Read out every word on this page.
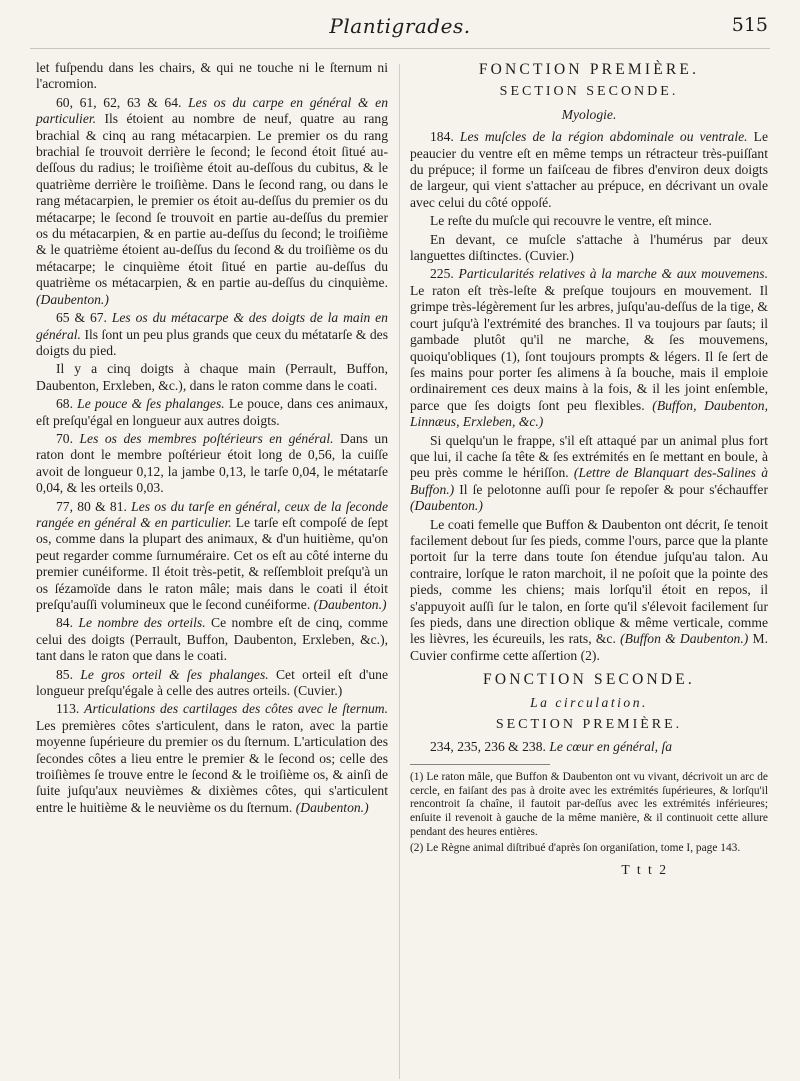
Plantigrades.	515

let fuſpendu dans les chairs, & qui ne touche ni le ſternum ni l'acromion.

60, 61, 62, 63 & 64. Les os du carpe en général & en particulier. Ils étoient au nombre de neuf, quatre au rang brachial & cinq au rang métacarpien. Le premier os du rang brachial ſe trouvoit derrière le ſecond; le ſecond étoit ſitué au-deſſous du radius; le troiſième étoit au-deſſous du cubitus, & le quatrième derrière le troiſième. Dans le ſecond rang, ou dans le rang métacarpien, le premier os étoit au-deſſus du premier os du métacarpe; le ſecond ſe trouvoit en partie au-deſſus du premier os du métacarpien, & en partie au-deſſus du ſecond; le troiſième & le quatrième étoient au-deſſus du ſecond & du troiſième os du métacarpe; le cinquième étoit ſitué en partie au-deſſus du quatrième os métacarpien, & en partie au-deſſus du cinquième. (Daubenton.)

65 & 67. Les os du métacarpe & des doigts de la main en général. Ils ſont un peu plus grands que ceux du métatarſe & des doigts du pied.

Il y a cinq doigts à chaque main (Perrault, Buffon, Daubenton, Erxleben, &c.), dans le raton comme dans le coati.

68. Le pouce & ſes phalanges. Le pouce, dans ces animaux, eſt preſqu'égal en longueur aux autres doigts.

70. Les os des membres poſtérieurs en général. Dans un raton dont le membre poſtérieur étoit long de 0,56, la cuiſſe avoit de longueur 0,12, la jambe 0,13, le tarſe 0,04, le métatarſe 0,04, & les orteils 0,03.

77, 80 & 81. Les os du tarſe en général, ceux de la ſeconde rangée en général & en particulier. Le tarſe eſt compoſé de ſept os, comme dans la plupart des animaux, & d'un huitième, qu'on peut regarder comme ſurnuméraire. Cet os eſt au côté interne du premier cunéiforme. Il étoit très-petit, & reſſembloit preſqu'à un os ſézamoïde dans le raton mâle; mais dans le coati il étoit preſqu'auſſi volumineux que le ſecond cunéiforme. (Daubenton.)

84. Le nombre des orteils. Ce nombre eſt de cinq, comme celui des doigts (Perrault, Buffon, Daubenton, Erxleben, &c.), tant dans le raton que dans le coati.

85. Le gros orteil & ſes phalanges. Cet orteil eſt d'une longueur preſqu'égale à celle des autres orteils. (Cuvier.)

113. Articulations des cartilages des côtes avec le ſternum. Les premières côtes s'articulent, dans le raton, avec la partie moyenne ſupérieure du premier os du ſternum. L'articulation des ſecondes côtes a lieu entre le premier & le ſecond os; celle des troiſièmes ſe trouve entre le ſecond & le troiſième os, & ainſi de ſuite juſqu'aux neuvièmes & dixièmes côtes, qui s'articulent entre le huitième & le neuvième os du ſternum. (Daubenton.)

FONCTION PREMIÈRE.
SECTION SECONDE.
Myologie.

184. Les muſcles de la région abdominale ou ventrale. Le peaucier du ventre eſt en même temps un rétracteur très-puiſſant du prépuce; il forme un faiſceau de fibres d'environ deux doigts de largeur, qui vient s'attacher au prépuce, en décrivant un ovale avec celui du côté oppoſé.

Le reſte du muſcle qui recouvre le ventre, eſt mince.

En devant, ce muſcle s'attache à l'humérus par deux languettes diſtinctes. (Cuvier.)

225. Particularités relatives à la marche & aux mouvemens. Le raton eſt très-leſte & preſque toujours en mouvement. Il grimpe très-légèrement ſur les arbres, juſqu'au-deſſus de la tige, & court juſqu'à l'extrémité des branches. Il va toujours par ſauts; il gambade plutôt qu'il ne marche, & ſes mouvemens, quoiqu'obliques (1), ſont toujours prompts & légers. Il ſe ſert de ſes mains pour porter ſes alimens à ſa bouche, mais il emploie ordinairement ces deux mains à la fois, & il les joint enſemble, parce que ſes doigts ſont peu flexibles. (Buffon, Daubenton, Linnæus, Erxleben, &c.)

Si quelqu'un le frappe, s'il eſt attaqué par un animal plus fort que lui, il cache ſa tête & ſes extrémités en ſe mettant en boule, à peu près comme le hériſſon. (Lettre de Blanquart des-Salines à Buffon.) Il ſe pelotonne auſſi pour ſe repoſer & pour s'échauffer (Daubenton.)

Le coati femelle que Buffon & Daubenton ont décrit, ſe tenoit facilement debout ſur ſes pieds, comme l'ours, parce que la plante portoit ſur la terre dans toute ſon étendue juſqu'au talon. Au contraire, lorſque le raton marchoit, il ne poſoit que la pointe des pieds, comme les chiens; mais lorſqu'il étoit en repos, il s'appuyoit auſſi ſur le talon, en ſorte qu'il s'élevoit facilement ſur ſes pieds, dans une direction oblique & même verticale, comme les lièvres, les écureuils, les rats, &c. (Buffon & Daubenton.) M. Cuvier confirme cette aſſertion (2).

FONCTION SECONDE.
La circulation.
SECTION PREMIÈRE.

234, 235, 236 & 238. Le cœur en général, ſa

(1) Le raton mâle, que Buffon & Daubenton ont vu vivant, décrivoit un arc de cercle, en faiſant des pas à droite avec les extrémités ſupérieures, & lorſqu'il rencontroit ſa chaîne, il fautoit par-deſſus avec les extrémités inférieures; enſuite il revenoit à gauche de la même manière, & il continuoit cette allure pendant des heures entières.

(2) Le Règne animal diſtribué d'après ſon organiſation, tome I, page 143.

T t t 2
